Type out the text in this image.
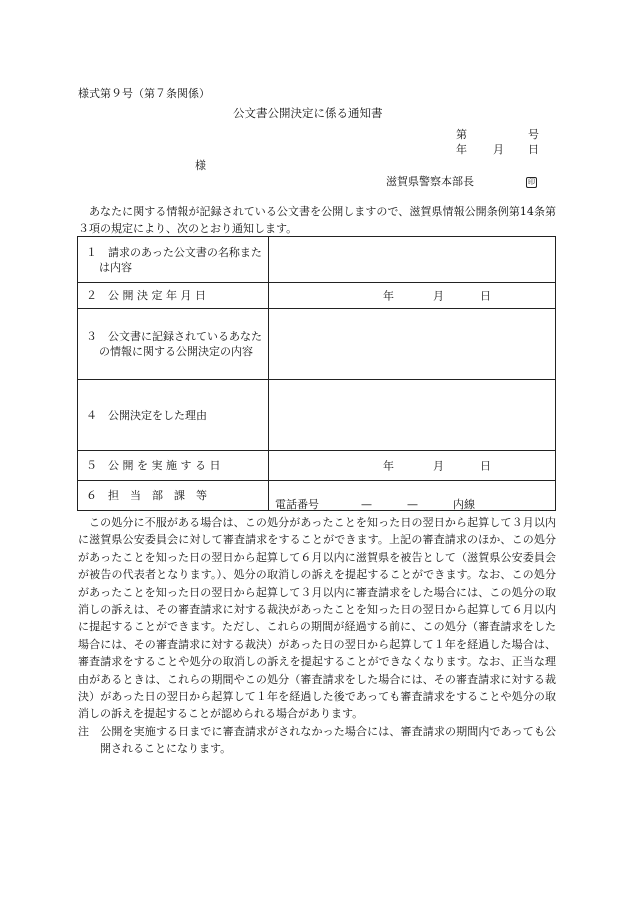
様式第９号（第７条関係）
公文書公開決定に係る通知書
第	号
年 月 日
様
滋賀県警察本部長	印
あなたに関する情報が記録されている公文書を公開しますので、滋賀県情報公開条例第14条第３項の規定により、次のとおり通知します。
１　請求のあった公文書の名称または内容	

２　公 開 決 定 年 月 日	年 月 日

３　公文書に記録されているあなたの情報に関する公開決定の内容	

４　公開決定をした理由	

５　公 開 を 実 施 す る 日	年 月 日

６　担　当　部　課　等	電話番号 — — 内線

この処分に不服がある場合は、この処分があったことを知った日の翌日から起算して３月以内に滋賀県公安委員会に対して審査請求をすることができます。上記の審査請求のほか、この処分があったことを知った日の翌日から起算して６月以内に滋賀県を被告として（滋賀県公安委員会が被告の代表者となります。）、処分の取消しの訴えを提起することができます。なお、この処分があったことを知った日の翌日から起算して３月以内に審査請求をした場合には、この処分の取消しの訴えは、その審査請求に対する裁決があったことを知った日の翌日から起算して６月以内に提起することができます。ただし、これらの期間が経過する前に、この処分（審査請求をした場合には、その審査請求に対する裁決）があった日の翌日から起算して１年を経過した場合は、審査請求をすることや処分の取消しの訴えを提起することができなくなります。なお、正当な理由があるときは、これらの期間やこの処分（審査請求をした場合には、その審査請求に対する裁決）があった日の翌日から起算して１年を経過した後であっても審査請求をすることや処分の取消しの訴えを提起することが認められる場合があります。

注　公開を実施する日までに審査請求がされなかった場合には、審査請求の期間内であっても公開されることになります。
